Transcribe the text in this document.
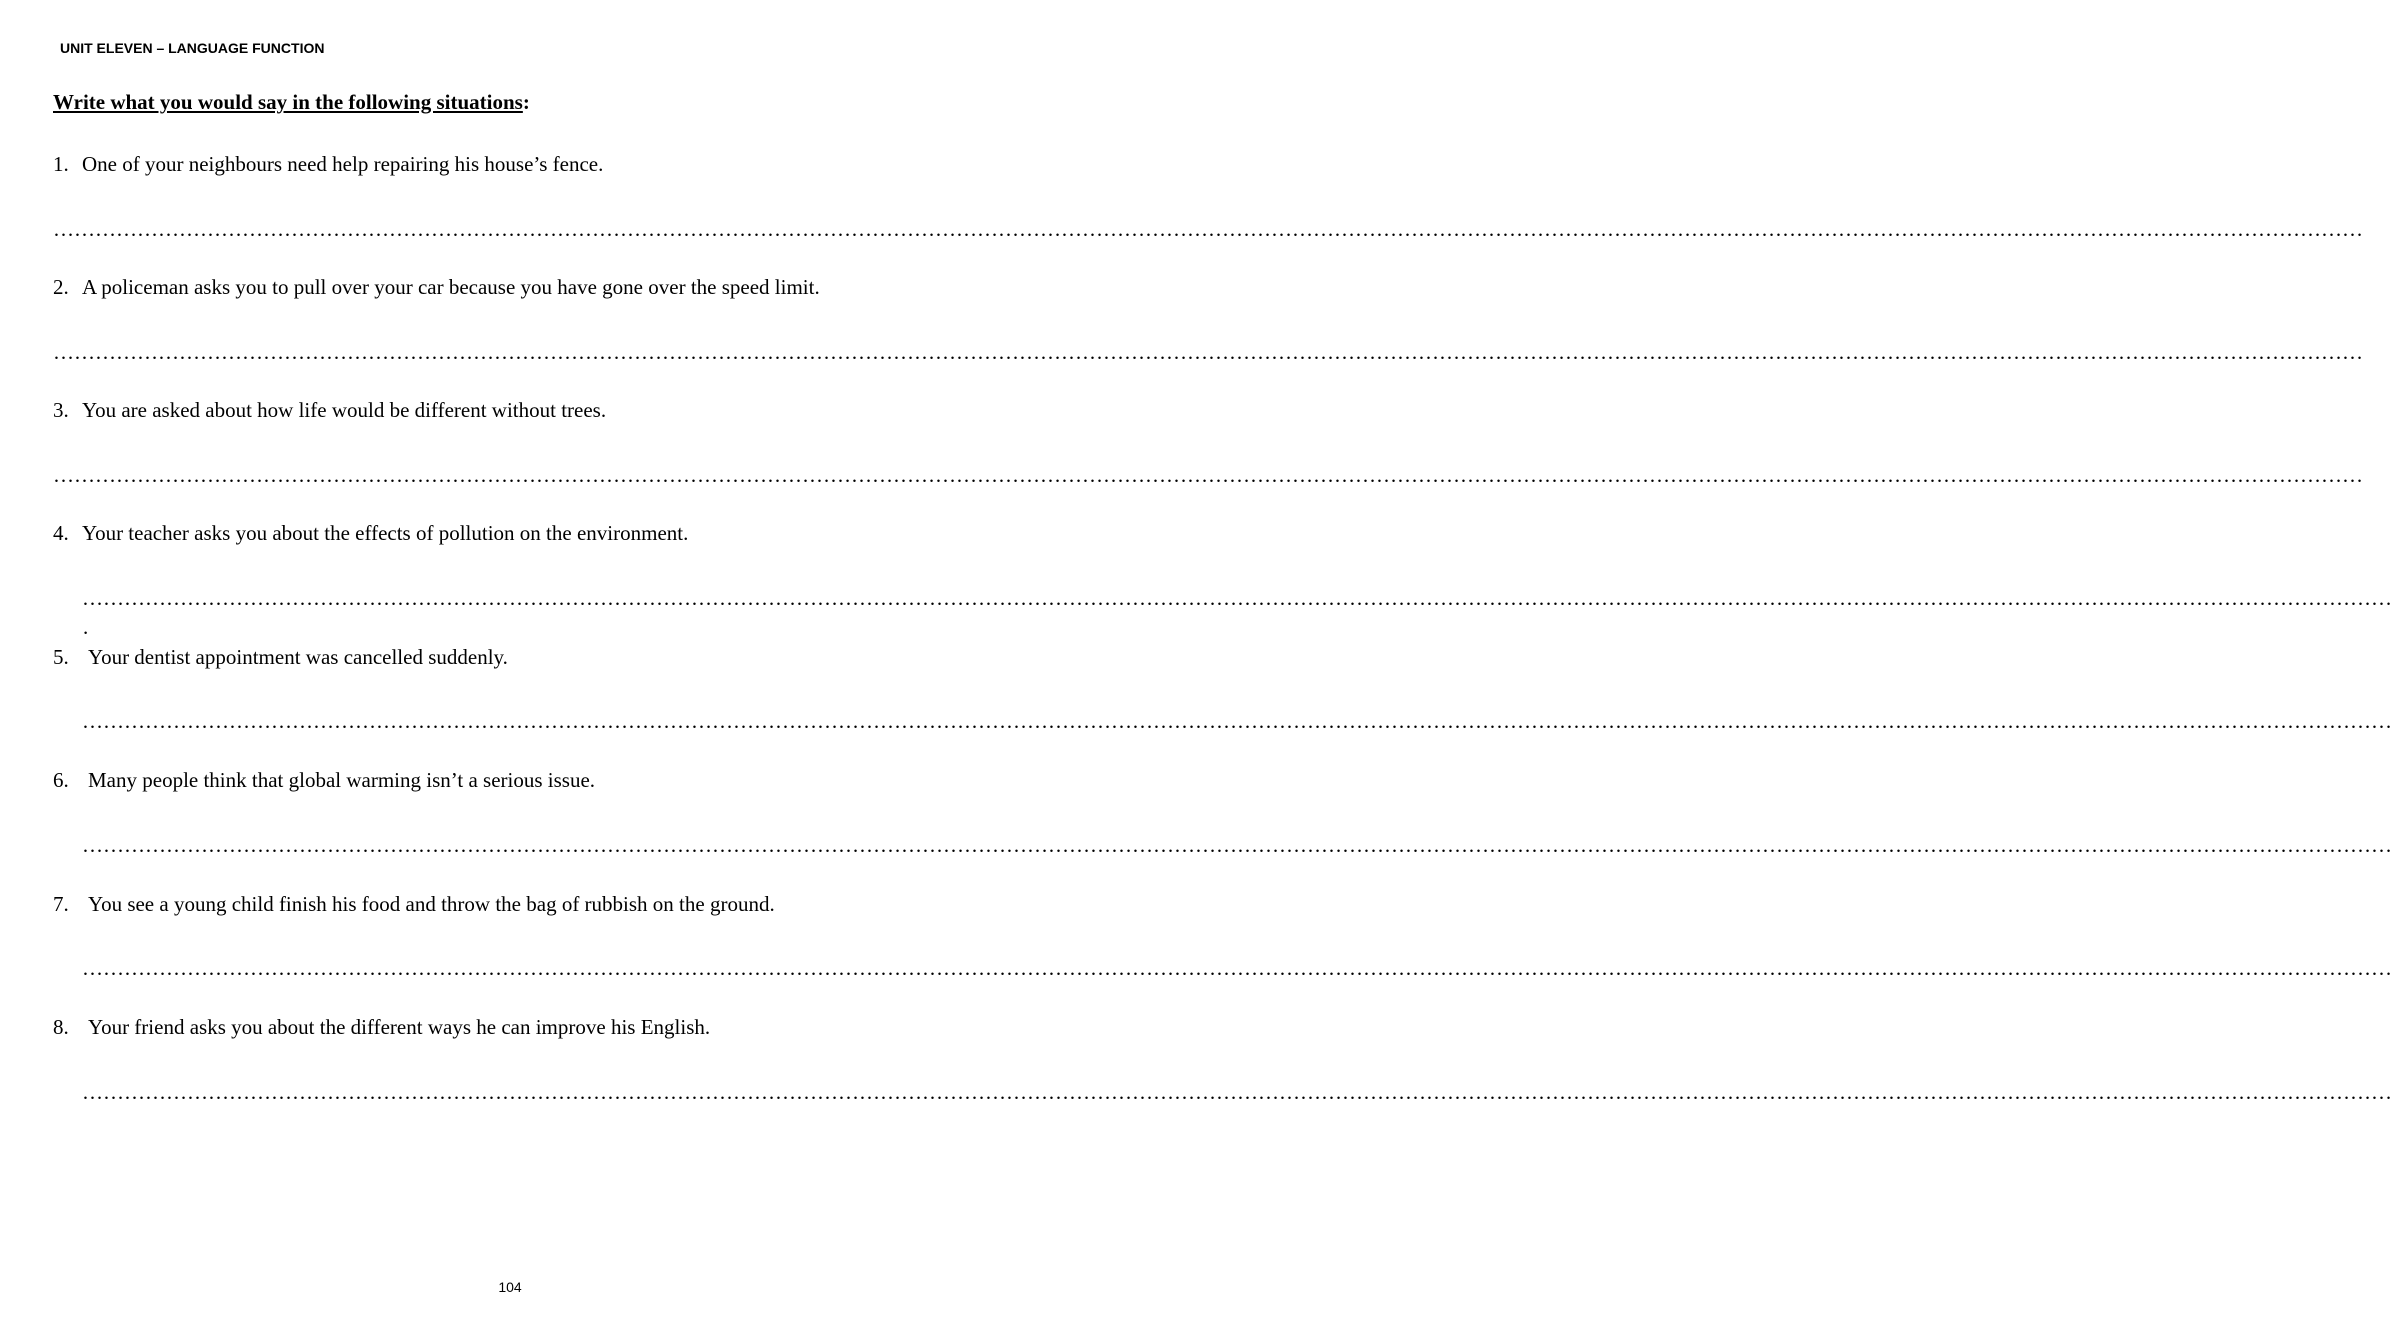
UNIT ELEVEN – LANGUAGE FUNCTION
Write what you would say in the following situations:
1. One of your neighbours need help repairing his house’s fence.
……………………………………………………………………………………………………………………………………………………………………………………………………………………………………………………………………………………………………
2. A policeman asks you to pull over your car because you have gone over the speed limit.
……………………………………………………………………………………………………………………………………………………………………………………………………………………………………………………………………………………………………
3. You are asked about how life would be different without trees.
……………………………………………………………………………………………………………………………………………………………………………………………………………………………………………………………………………………………………
4. Your teacher asks you about the effects of pollution on the environment.
……………………………………………………………………………………………………………………………………………………………………………………………………………………………………………………………………………………………………
.
5. Your dentist appointment was cancelled suddenly.
……………………………………………………………………………………………………………………………………………………………………………………………………………………………………………………………………………………………………
6. Many people think that global warming isn’t a serious issue.
……………………………………………………………………………………………………………………………………………………………………………………………………………………………………………………………………………………………………
7. You see a young child finish his food and throw the bag of rubbish on the ground.
……………………………………………………………………………………………………………………………………………………………………………………………………………………………………………………………………………………………………
8. Your friend asks you about the different ways he can improve his English.
……………………………………………………………………………………………………………………………………………………………………………………………………………………………………………………………………………………………………
104
